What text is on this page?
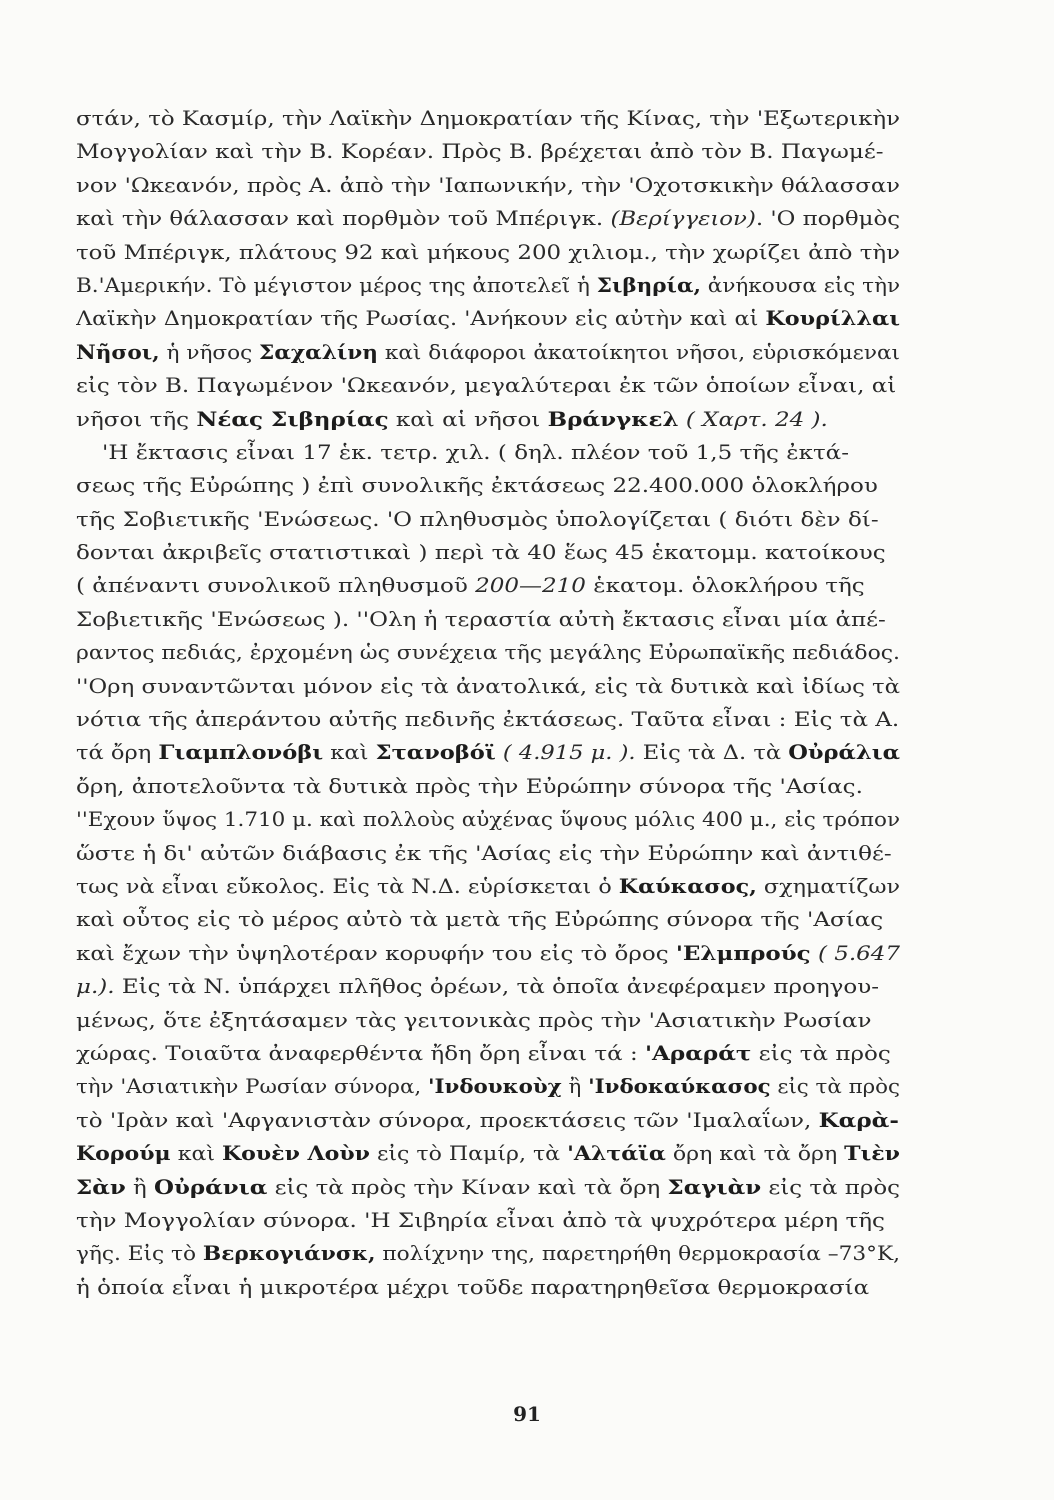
στάν, τὸ Κασμίρ, τὴν Λαϊκὴν Δημοκρατίαν τῆς Κίνας, τὴν 'Εξωτερικὴν
Μογγολίαν καὶ τὴν Β. Κορέαν. Πρὸς Β. βρέχεται ἀπὸ τὸν Β. Παγωμέ-
νον 'Ωκεανόν, πρὸς Α. ἀπὸ τὴν 'Ιαπωνικήν, τὴν 'Οχοτσκικὴν θάλασσαν
καὶ τὴν θάλασσαν καὶ πορθμὸν τοῦ Μπέριγκ. (Βερίγγειον). 'Ο πορθμὸς
τοῦ Μπέριγκ, πλάτους 92 καὶ μήκους 200 χιλιομ., τὴν χωρίζει ἀπὸ τὴν
Β.'Αμερικήν. Τὸ μέγιστον μέρος της ἀποτελεῖ ἡ Σιβηρία, ἀνήκουσα εἰς τὴν
Λαϊκὴν Δημοκρατίαν τῆς Ρωσίας. 'Ανήκουν εἰς αὐτὴν καὶ αἱ Κουρίλλαι
Νῆσοι, ἡ νῆσος Σαχαλίνη καὶ διάφοροι ἀκατοίκητοι νῆσοι, εὑρισκόμεναι
εἰς τὸν Β. Παγωμένον 'Ωκεανόν, μεγαλύτεραι ἐκ τῶν ὁποίων εἶναι, αἱ
νῆσοι τῆς Νέας Σιβηρίας καὶ αἱ νῆσοι Βράνγκελ ( Χαρτ. 24 ).
'Η ἔκτασις εἶναι 17 ἑκ. τετρ. χιλ. ( δηλ. πλέον τοῦ 1,5 τῆς ἐκτά-
σεως τῆς Εὐρώπης ) ἐπὶ συνολικῆς ἐκτάσεως 22.400.000 ὁλοκλήρου
τῆς Σοβιετικῆς 'Ενώσεως. 'Ο πληθυσμὸς ὑπολογίζεται ( διότι δὲν δί-
δονται ἀκριβεῖς στατιστικαὶ ) περὶ τὰ 40 ἕως 45 ἑκατομμ. κατοίκους
( ἀπέναντι συνολικοῦ πληθυσμοῦ 200—210 ἑκατομ. ὁλοκλήρου τῆς
Σοβιετικῆς 'Ενώσεως ). ''Ολη ἡ τεραστία αὐτὴ ἔκτασις εἶναι μία ἀπέ-
ραντος πεδιάς, ἐρχομένη ὡς συνέχεια τῆς μεγάλης Εὐρωπαϊκῆς πεδιάδος.
''Ορη συναντῶνται μόνον εἰς τὰ ἀνατολικά, εἰς τὰ δυτικὰ καὶ ἰδίως τὰ
νότια τῆς ἀπεράντου αὐτῆς πεδινῆς ἐκτάσεως. Ταῦτα εἶναι : Εἰς τὰ Α.
τά ὄρη Γιαμπλονόβι καὶ Στανοβόϊ ( 4.915 μ. ). Εἰς τὰ Δ. τὰ Οὐράλια
ὄρη, ἀποτελοῦντα τὰ δυτικὰ πρὸς τὴν Εὐρώπην σύνορα τῆς 'Ασίας.
''Εχουν ὕψος 1.710 μ. καὶ πολλοὺς αὐχένας ὕψους μόλις 400 μ., εἰς τρόπον
ὥστε ἡ δι' αὐτῶν διάβασις ἐκ τῆς 'Ασίας εἰς τὴν Εὐρώπην καὶ ἀντιθέ-
τως νὰ εἶναι εὔκολος. Εἰς τὰ Ν.Δ. εὑρίσκεται ὁ Καύκασος, σχηματίζων
καὶ οὗτος εἰς τὸ μέρος αὐτὸ τὰ μετὰ τῆς Εὐρώπης σύνορα τῆς 'Ασίας
καὶ ἔχων τὴν ὑψηλοτέραν κορυφήν του εἰς τὸ ὄρος 'Ελμπρούς ( 5.647
μ.). Εἰς τὰ Ν. ὑπάρχει πλῆθος ὀρέων, τὰ ὁποῖα ἀνεφέραμεν προηγου-
μένως, ὅτε ἐξητάσαμεν τὰς γειτονικὰς πρὸς τὴν 'Ασιατικὴν Ρωσίαν
χώρας. Τοιαῦτα ἀναφερθέντα ἤδη ὄρη εἶναι τά : 'Αραράτ εἰς τὰ πρὸς
τὴν 'Ασιατικὴν Ρωσίαν σύνορα, 'Ινδουκοὺχ ἢ 'Ινδοκαύκασος εἰς τὰ πρὸς
τὸ 'Ιρὰν καὶ 'Αφγανιστὰν σύνορα, προεκτάσεις τῶν 'Ιμαλαΐων, Καρὰ-
Κορούμ καὶ Κουὲν Λοὺν εἰς τὸ Παμίρ, τὰ 'Αλτάϊα ὄρη καὶ τὰ ὄρη Τιὲν
Σὰν ἢ Οὐράνια εἰς τὰ πρὸς τὴν Κίναν καὶ τὰ ὄρη Σαγιὰν εἰς τὰ πρὸς
τὴν Μογγολίαν σύνορα. 'Η Σιβηρία εἶναι ἀπὸ τὰ ψυχρότερα μέρη τῆς
γῆς. Εἰς τὸ Βερκογιάνσκ, πολίχνην της, παρετηρήθη θερμοκρασία –73°Κ,
ἡ ὁποία εἶναι ἡ μικροτέρα μέχρι τοῦδε παρατηρηθεῖσα θερμοκρασία
91
